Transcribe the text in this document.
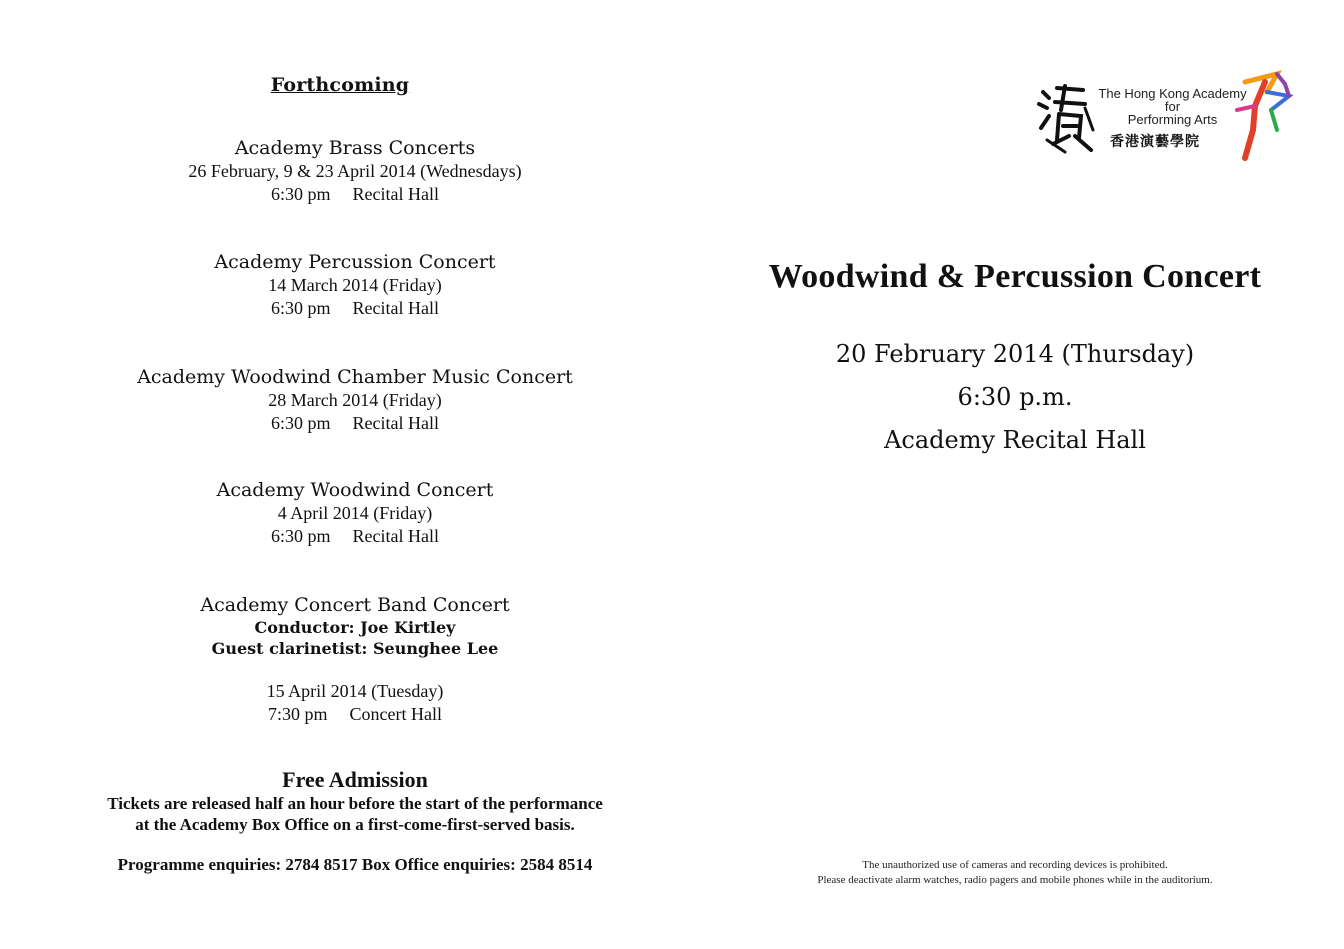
Forthcoming
Academy Brass Concerts
26 February, 9 & 23 April 2014 (Wednesdays)
6:30 pm Recital Hall
Academy Percussion Concert
14 March 2014 (Friday)
6:30 pm Recital Hall
Academy Woodwind Chamber Music Concert
28 March 2014 (Friday)
6:30 pm Recital Hall
Academy Woodwind Concert
4 April 2014 (Friday)
6:30 pm Recital Hall
Academy Concert Band Concert
Conductor: Joe Kirtley
Guest clarinetist: Seunghee Lee
15 April 2014 (Tuesday)
7:30 pm Concert Hall
Free Admission
Tickets are released half an hour before the start of the performance
at the Academy Box Office on a first-come-first-served basis.
Programme enquiries: 2784 8517 Box Office enquiries: 2584 8514
The Hong Kong Academy
for
Performing Arts
香港演藝學院
Woodwind & Percussion Concert
20 February 2014 (Thursday)
6:30 p.m.
Academy Recital Hall
The unauthorized use of cameras and recording devices is prohibited.
Please deactivate alarm watches, radio pagers and mobile phones while in the auditorium.
